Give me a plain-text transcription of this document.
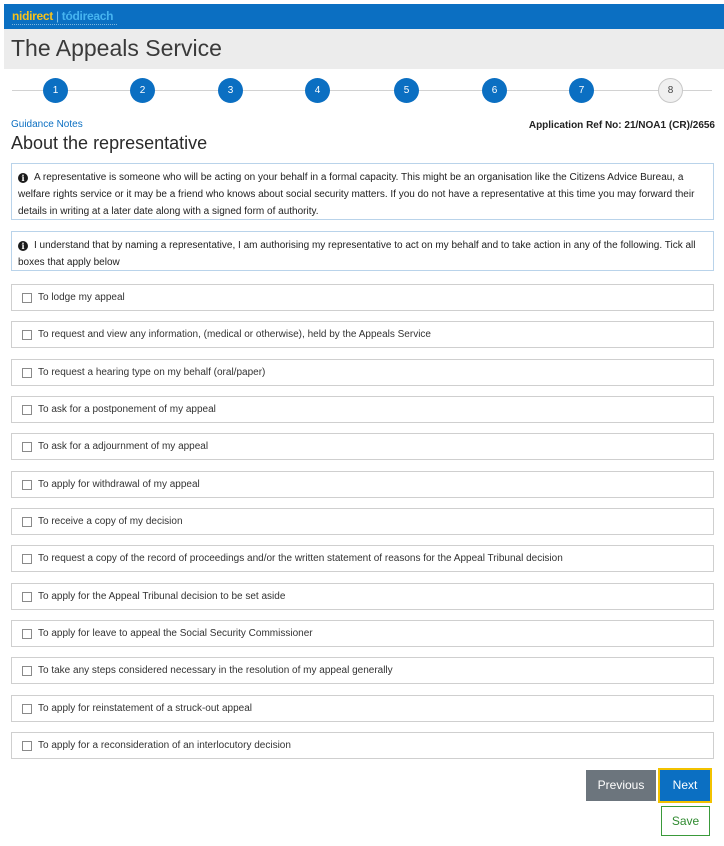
nidirect | tódireach
The Appeals Service
1	2	3	4	5	6	7	8
Guidance Notes	Application Ref No: 21/NOA1 (CR)/2656
About the representative
i A representative is someone who will be acting on your behalf in a formal capacity. This might be an organisation like the Citizens Advice Bureau, a welfare rights service or it may be a friend who knows about social security matters. If you do not have a representative at this time you may forward their details in writing at a later date along with a signed form of authority.
i I understand that by naming a representative, I am authorising my representative to act on my behalf and to take action in any of the following. Tick all boxes that apply below
To lodge my appeal
To request and view any information, (medical or otherwise), held by the Appeals Service
To request a hearing type on my behalf (oral/paper)
To ask for a postponement of my appeal
To ask for a adjournment of my appeal
To apply for withdrawal of my appeal
To receive a copy of my decision
To request a copy of the record of proceedings and/or the written statement of reasons for the Appeal Tribunal decision
To apply for the Appeal Tribunal decision to be set aside
To apply for leave to appeal the Social Security Commissioner
To take any steps considered necessary in the resolution of my appeal generally
To apply for reinstatement of a struck-out appeal
To apply for a reconsideration of an interlocutory decision
Previous	Next
Save
